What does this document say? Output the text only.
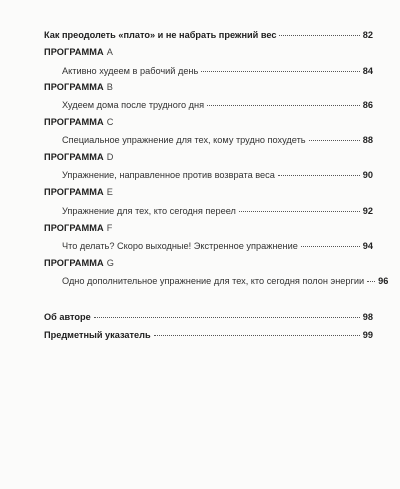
Как преодолеть «плато» и не набрать прежний вес	82
ПРОГРАММА A
Активно худеем в рабочий день	84
ПРОГРАММА B
Худеем дома после трудного дня	86
ПРОГРАММА C
Специальное упражнение для тех, кому трудно похудеть	88
ПРОГРАММА D
Упражнение, направленное против возврата веса	90
ПРОГРАММА E
Упражнение для тех, кто сегодня переел	92
ПРОГРАММА F
Что делать? Скоро выходные! Экстренное упражнение	94
ПРОГРАММА G
Одно дополнительное упражнение для тех, кто сегодня полон энергии 96
Об авторе	98
Предметный указатель	99
